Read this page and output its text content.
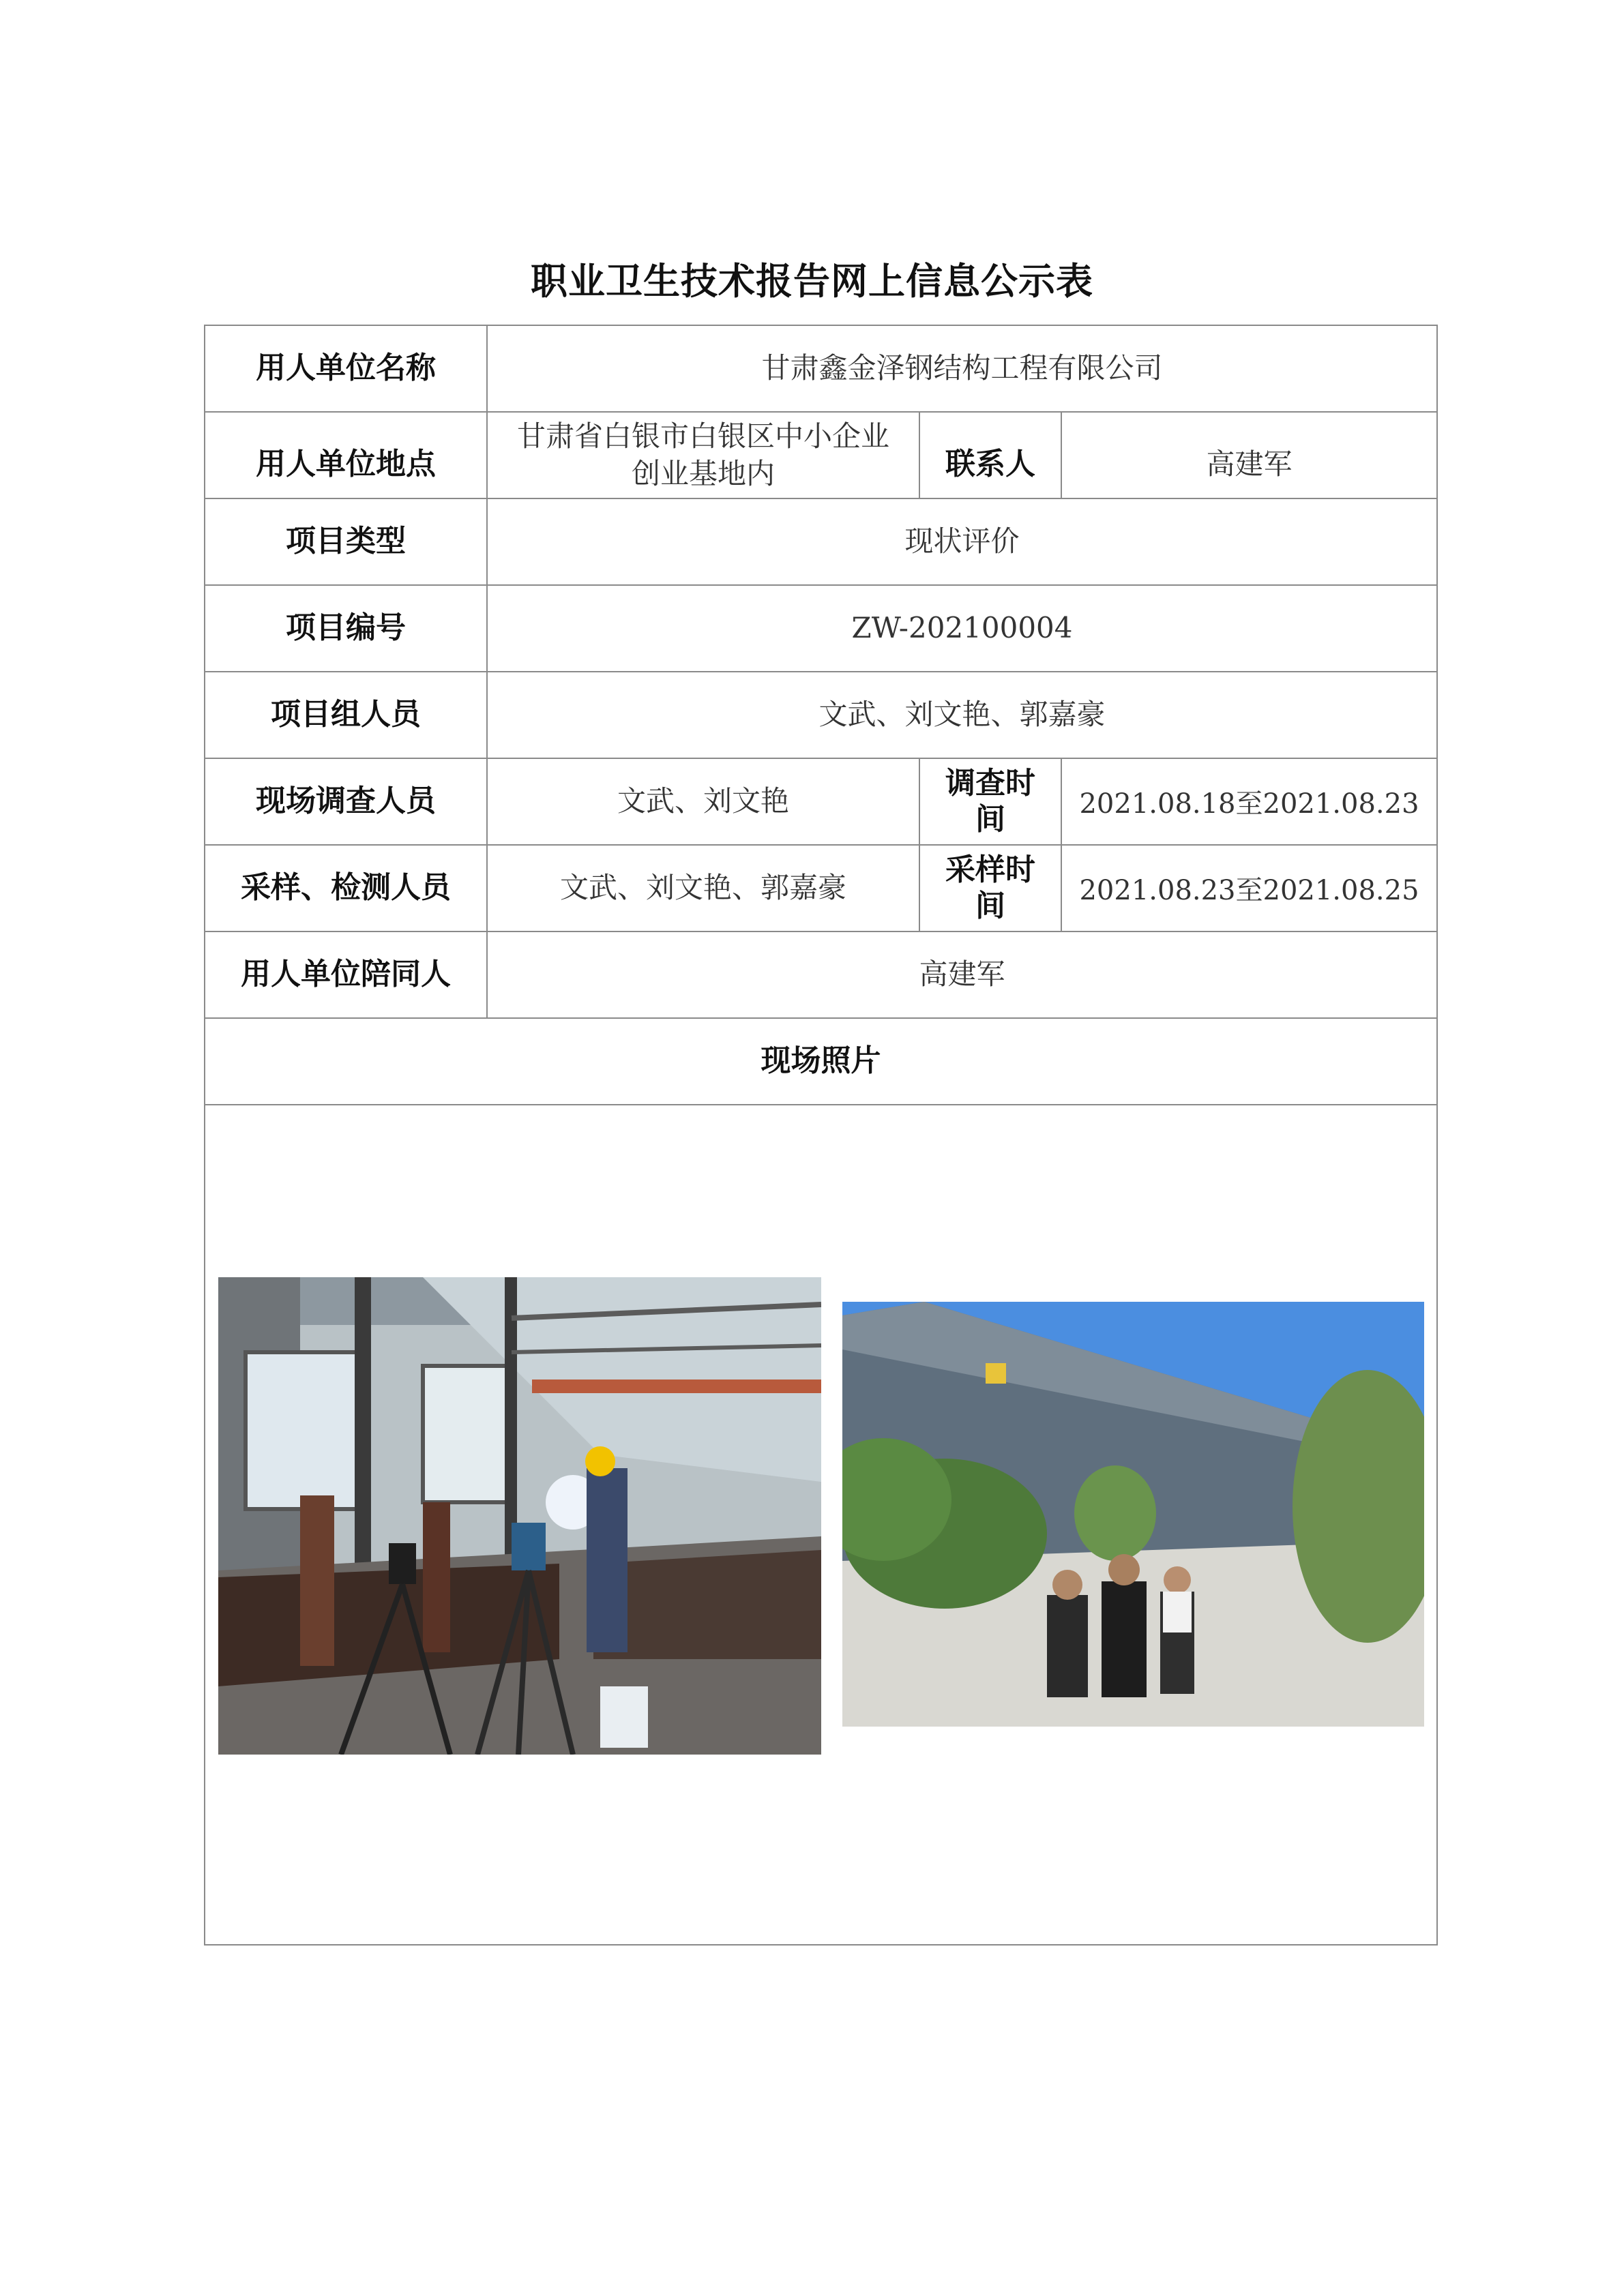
职业卫生技术报告网上信息公示表
用人单位名称	甘肃鑫金泽钢结构工程有限公司		
用人单位地点	甘肃省白银市白银区中小企业创业基地内	联系人	高建军
项目类型	现状评价		
项目编号	ZW-202100004		
项目组人员	文武、刘文艳、郭嘉豪		
现场调查人员	文武、刘文艳	调查时间	2021.08.18至2021.08.23
采样、检测人员	文武、刘文艳、郭嘉豪	采样时间	2021.08.23至2021.08.25
用人单位陪同人	高建军		
现场照片			
